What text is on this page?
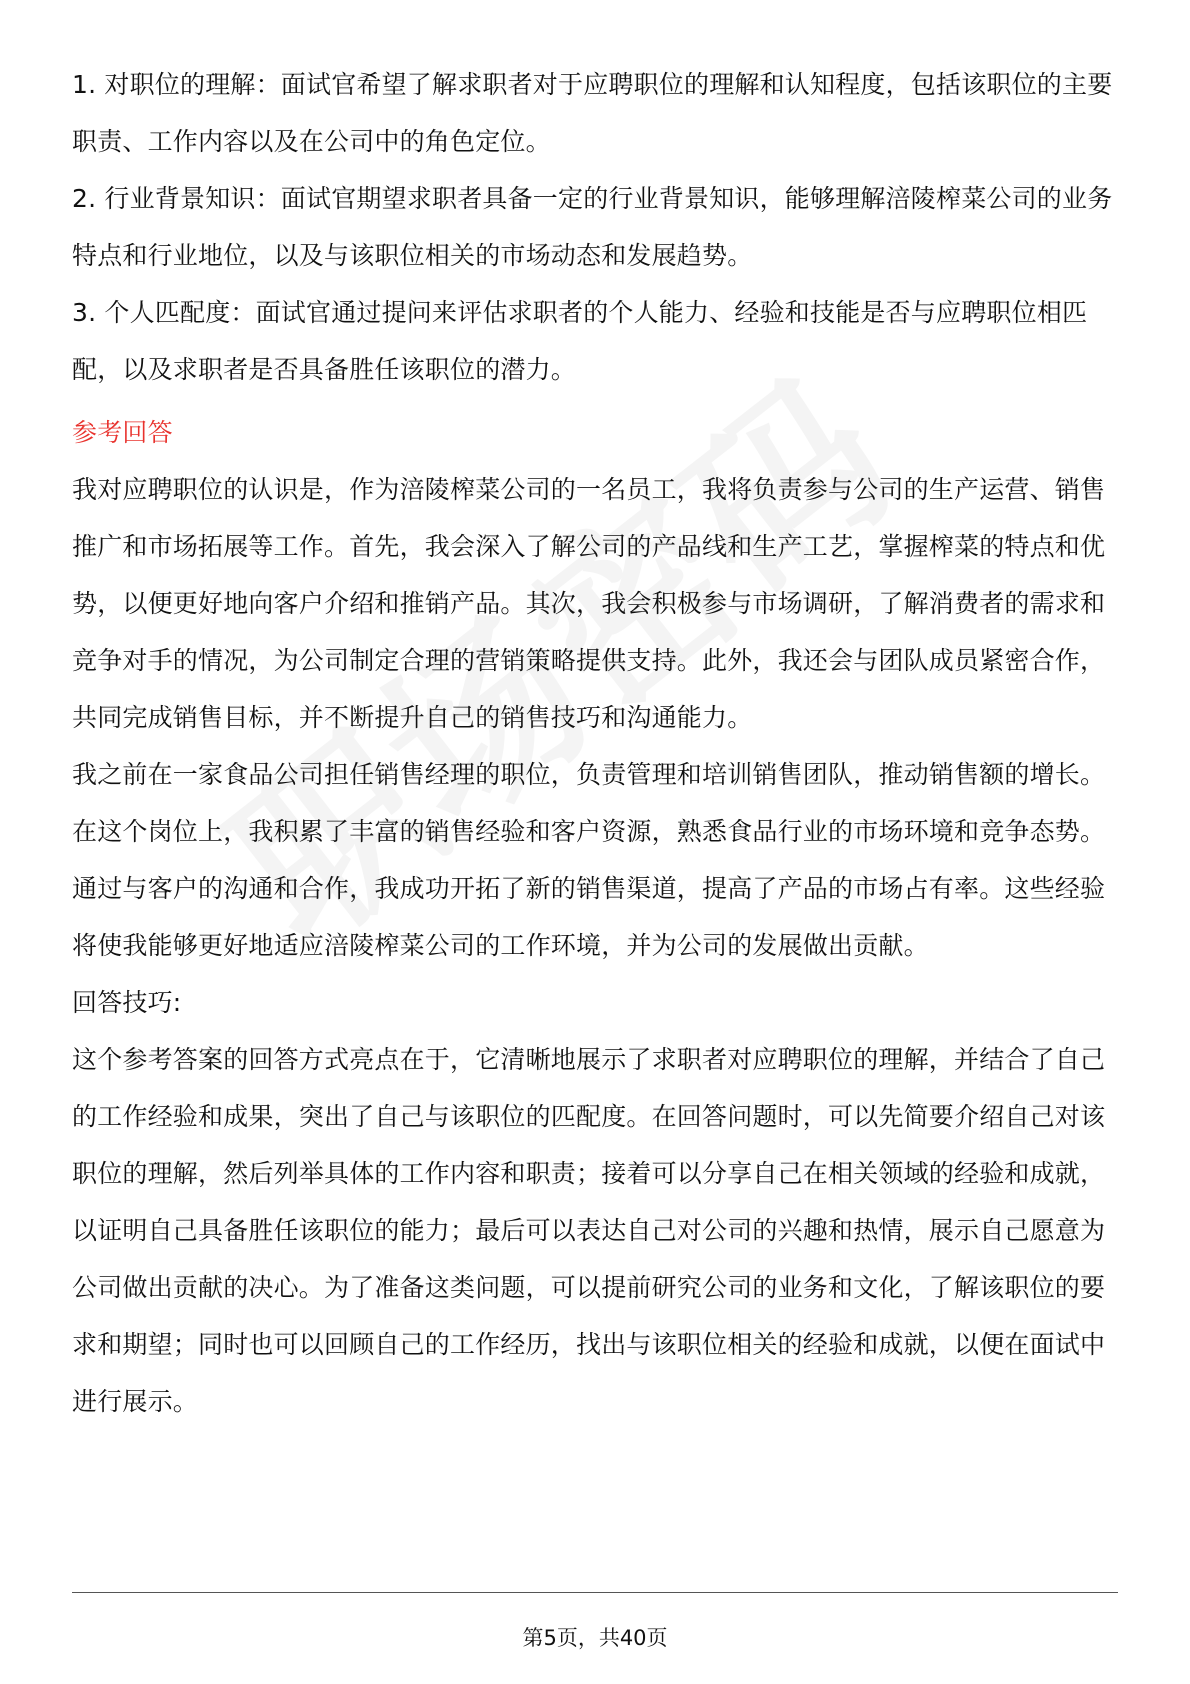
1. 对职位的理解：面试官希望了解求职者对于应聘职位的理解和认知程度，包括该职位的主要职责、工作内容以及在公司中的角色定位。

2. 行业背景知识：面试官期望求职者具备一定的行业背景知识，能够理解涪陵榨菜公司的业务特点和行业地位，以及与该职位相关的市场动态和发展趋势。

3. 个人匹配度：面试官通过提问来评估求职者的个人能力、经验和技能是否与应聘职位相匹配，以及求职者是否具备胜任该职位的潜力。

参考回答

我对应聘职位的认识是，作为涪陵榨菜公司的一名员工，我将负责参与公司的生产运营、销售推广和市场拓展等工作。首先，我会深入了解公司的产品线和生产工艺，掌握榨菜的特点和优势，以便更好地向客户介绍和推销产品。其次，我会积极参与市场调研，了解消费者的需求和竞争对手的情况，为公司制定合理的营销策略提供支持。此外，我还会与团队成员紧密合作，共同完成销售目标，并不断提升自己的销售技巧和沟通能力。

我之前在一家食品公司担任销售经理的职位，负责管理和培训销售团队，推动销售额的增长。在这个岗位上，我积累了丰富的销售经验和客户资源，熟悉食品行业的市场环境和竞争态势。通过与客户的沟通和合作，我成功开拓了新的销售渠道，提高了产品的市场占有率。这些经验将使我能够更好地适应涪陵榨菜公司的工作环境，并为公司的发展做出贡献。

回答技巧:

这个参考答案的回答方式亮点在于，它清晰地展示了求职者对应聘职位的理解，并结合了自己的工作经验和成果，突出了自己与该职位的匹配度。在回答问题时，可以先简要介绍自己对该职位的理解，然后列举具体的工作内容和职责；接着可以分享自己在相关领域的经验和成就，以证明自己具备胜任该职位的能力；最后可以表达自己对公司的兴趣和热情，展示自己愿意为公司做出贡献的决心。为了准备这类问题，可以提前研究公司的业务和文化，了解该职位的要求和期望；同时也可以回顾自己的工作经历，找出与该职位相关的经验和成就，以便在面试中进行展示。

第5页，共40页
